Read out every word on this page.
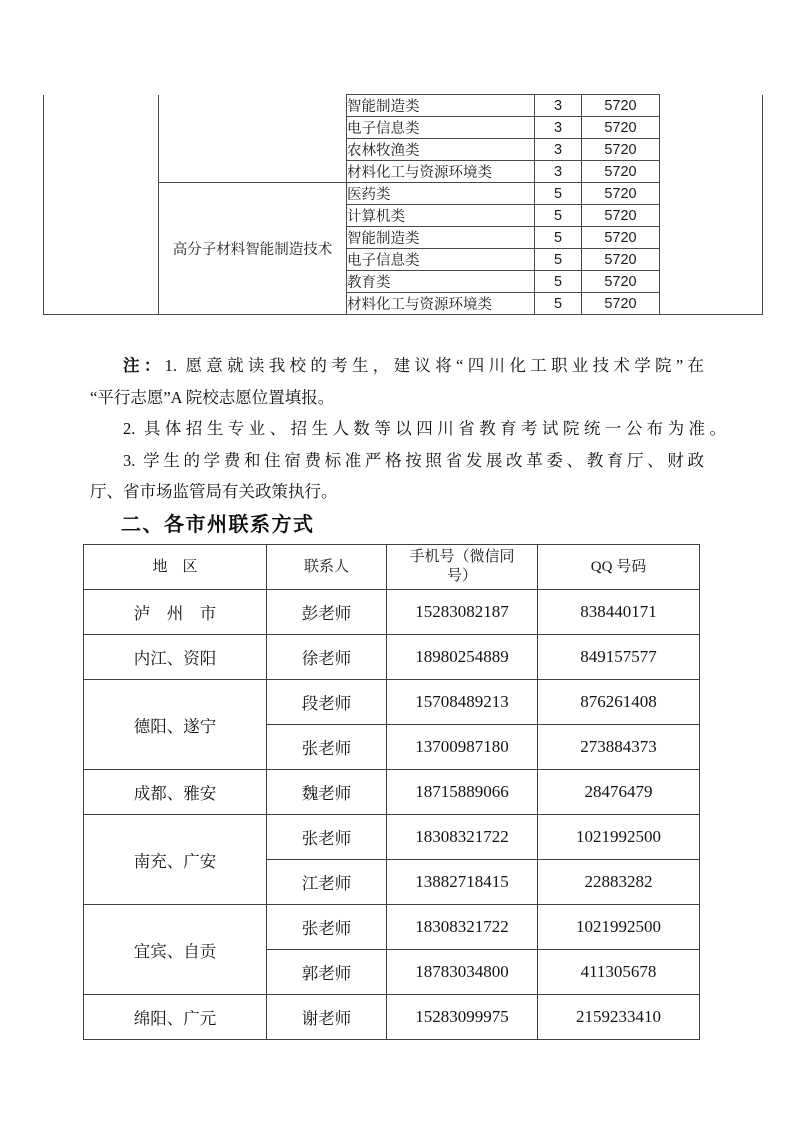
		智能制造类	3	5720	
		电子信息类	3	5720	
		农林牧渔类	3	5720	
		材料化工与资源环境类	3	5720	
	高分子材料智能制造技术	医药类	5	5720	
		计算机类	5	5720	
		智能制造类	5	5720	
		电子信息类	5	5720	
		教育类	5	5720	
		材料化工与资源环境类	5	5720	
注：1. 愿意就读我校的考生，建议将“四川化工职业技术学院”在
“平行志愿”A 院校志愿位置填报。
2. 具体招生专业、招生人数等以四川省教育考试院统一公布为准。
3. 学生的学费和住宿费标准严格按照省发展改革委、教育厅、财政
厅、省市场监管局有关政策执行。
二、各市州联系方式
地　区	联系人	手机号（微信同号）	QQ 号码
泸　州　市	彭老师	15283082187	838440171
内江、资阳	徐老师	18980254889	849157577
德阳、遂宁	段老师	15708489213	876261408
	张老师	13700987180	273884373
成都、雅安	魏老师	18715889066	28476479
南充、广安	张老师	18308321722	1021992500
	江老师	13882718415	22883282
宜宾、自贡	张老师	18308321722	1021992500
	郭老师	18783034800	411305678
绵阳、广元	谢老师	15283099975	2159233410
